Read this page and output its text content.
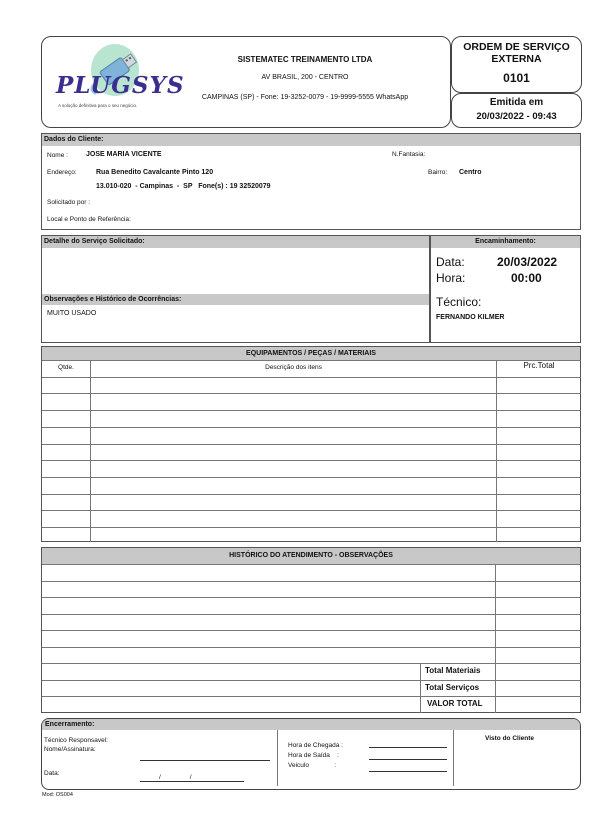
PLUGSYS
A solução definitiva para o seu negócio.
SISTEMATEC TREINAMENTO LTDA
AV BRASIL, 200 - CENTRO
CAMPINAS (SP) - Fone: 19-3252-0079 - 19-9999-5555 WhatsApp
ORDEM DE SERVIÇO
EXTERNA
0101
Emitida em
20/03/2022 - 09:43
Dados do Cliente:
Nome :	JOSE MARIA VICENTE	N.Fantasia:
Endereço:	Rua Benedito Cavalcante Pinto 120	Bairro: Centro
13.010-020  - Campinas  -  SP   Fone(s) : 19 32520079
Solicitado por :
Local e Ponto de Referência:
Detalhe do Serviço Solicitado:
Observações e Histórico de Ocorrências:
MUITO USADO
Encaminhamento:
Data:	20/03/2022
Hora:	00:00
Técnico:
FERNANDO KILMER
EQUIPAMENTOS / PEÇAS / MATERIAIS
Qtde.	Descrição dos itens	Prc.Total
HISTÓRICO DO ATENDIMENTO - OBSERVAÇÕES
Total Materiais
Total Serviços
VALOR TOTAL
Encerramento:
Técnico Responsavel:
Nome/Assinatura:
Data:
/                /
Hora de Chegada :
Hora de Saída    :
Veiculo              :
Visto do Cliente
Mod: OS004
